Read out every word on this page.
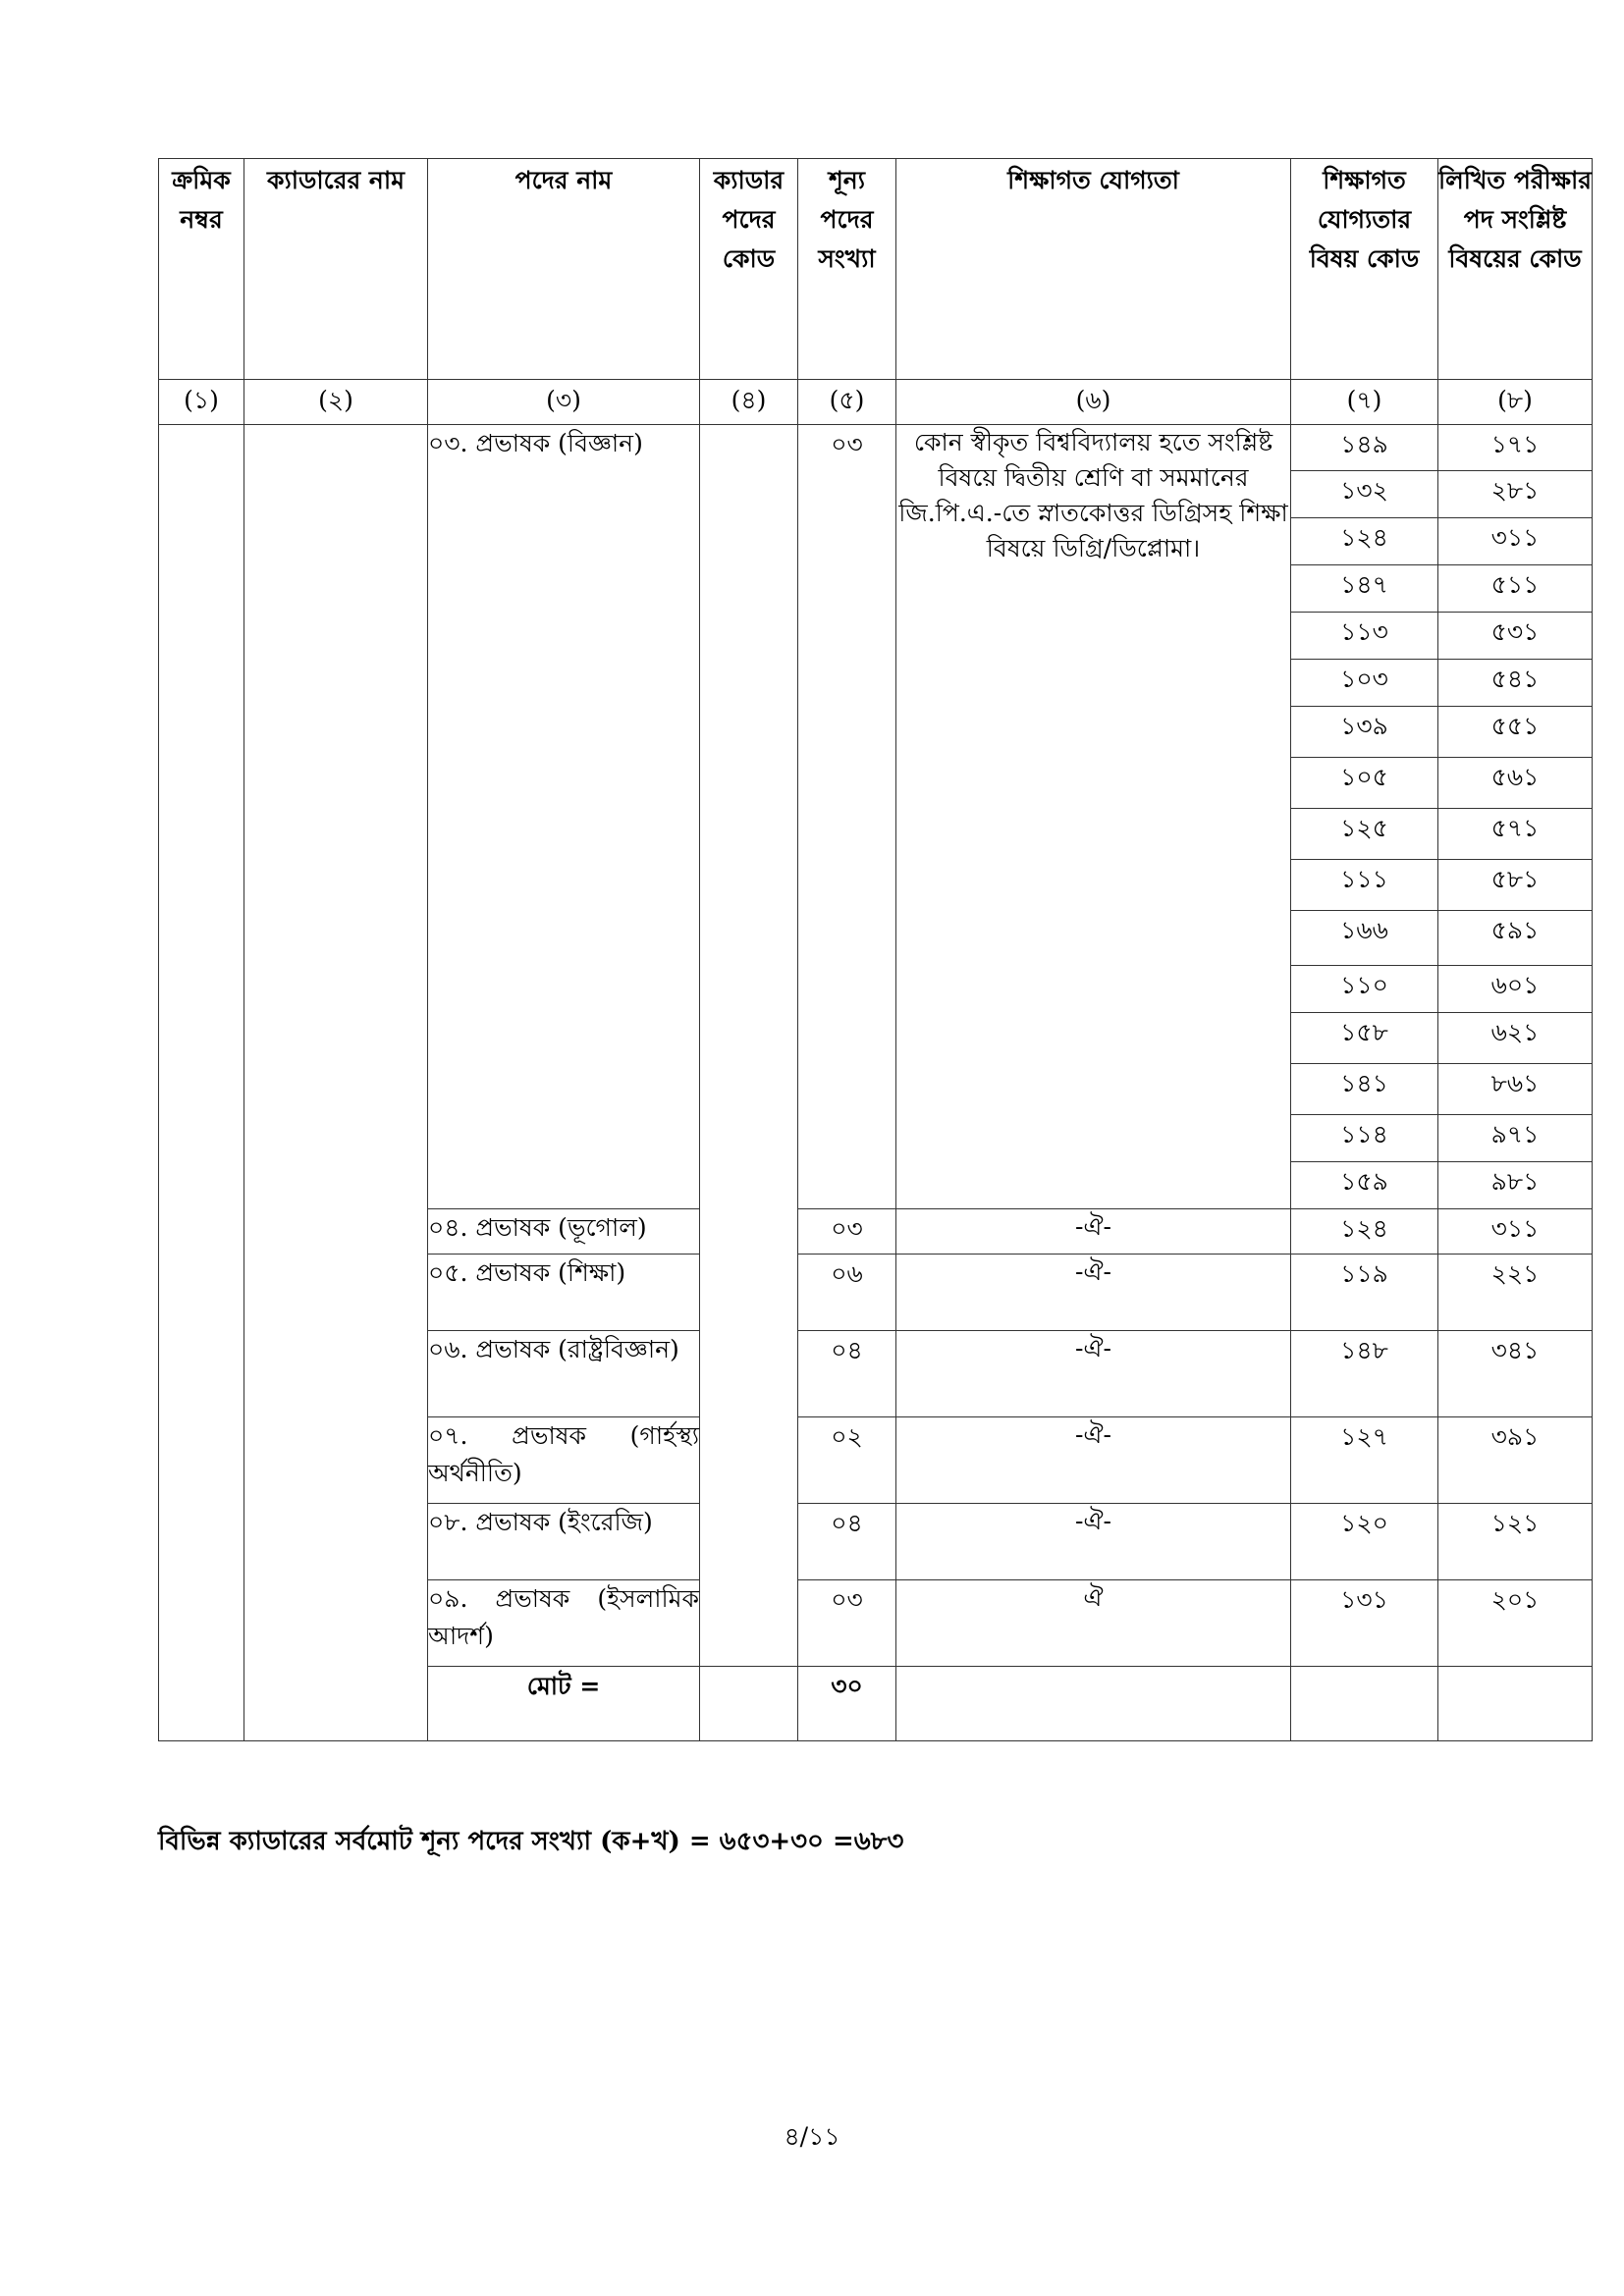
ক্রমিক নম্বর	ক্যাডারের নাম	পদের নাম	ক্যাডার পদের কোড	শূন্য পদের সংখ্যা	শিক্ষাগত যোগ্যতা	শিক্ষাগত যোগ্যতার বিষয় কোড	লিখিত পরীক্ষার পদ সংশ্লিষ্ট বিষয়ের কোড
(১)	(২)	(৩)	(৪)	(৫)	(৬)	(৭)	(৮)
		০৩. প্রভাষক (বিজ্ঞান)		০৩	কোন স্বীকৃত বিশ্ববিদ্যালয় হতে সংশ্লিষ্ট বিষয়ে দ্বিতীয় শ্রেণি বা সমমানের জি.পি.এ.-তে স্নাতকোত্তর ডিগ্রিসহ শিক্ষা বিষয়ে ডিগ্রি/ডিপ্লোমা।	১৪৯	১৭১
						১৩২	২৮১
						১২৪	৩১১
						১৪৭	৫১১
						১১৩	৫৩১
						১০৩	৫৪১
						১৩৯	৫৫১
						১০৫	৫৬১
						১২৫	৫৭১
						১১১	৫৮১
						১৬৬	৫৯১
						১১০	৬০১
						১৫৮	৬২১
						১৪১	৮৬১
						১১৪	৯৭১
						১৫৯	৯৮১
		০৪. প্রভাষক (ভূগোল)		০৩	-ঐ-	১২৪	৩১১
		০৫. প্রভাষক (শিক্ষা)		০৬	-ঐ-	১১৯	২২১
		০৬. প্রভাষক (রাষ্ট্রবিজ্ঞান)		০৪	-ঐ-	১৪৮	৩৪১
		০৭. প্রভাষক (গার্হস্থ্য অর্থনীতি)		০২	-ঐ-	১২৭	৩৯১
		০৮. প্রভাষক (ইংরেজি)		০৪	-ঐ-	১২০	১২১
		০৯. প্রভাষক (ইসলামিক আদর্শ)		০৩	ঐ	১৩১	২০১
		মোট =		৩০			
বিভিন্ন ক্যাডারের সর্বমোট শূন্য পদের সংখ্যা (ক+খ) = ৬৫৩+৩০ =৬৮৩
৪/১১
